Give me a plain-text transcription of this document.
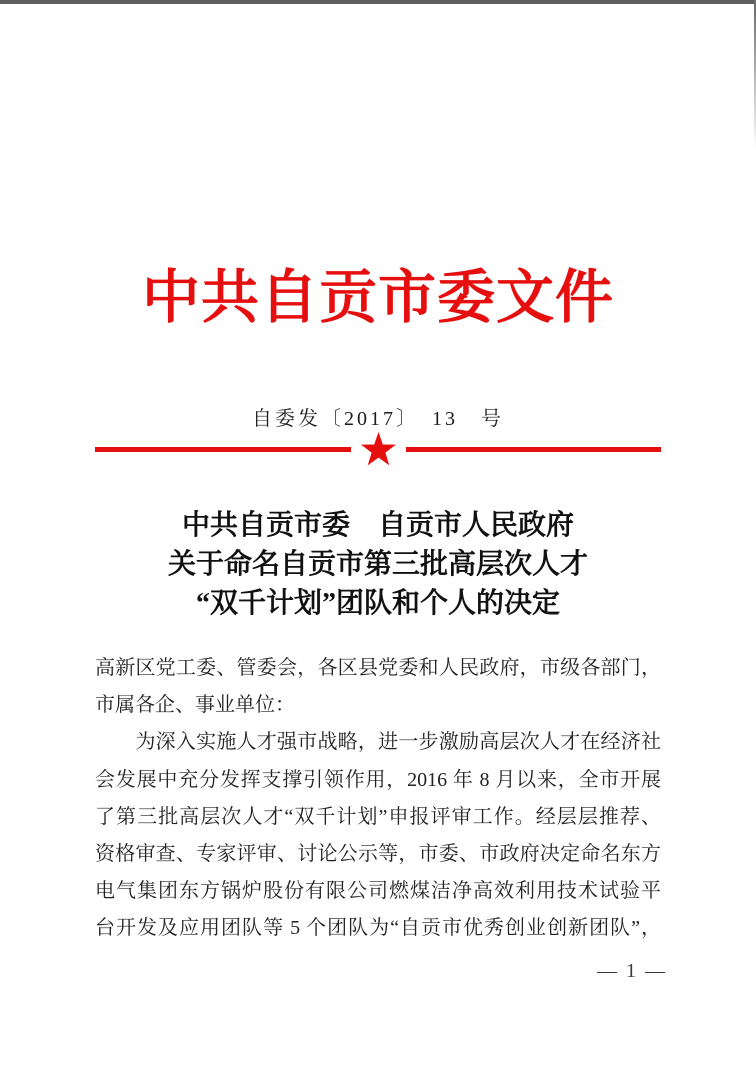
中共自贡市委文件
自委发〔2017〕　13　号
中共自贡市委　自贡市人民政府
关于命名自贡市第三批高层次人才
“双千计划”团队和个人的决定
高新区党工委、管委会，各区县党委和人民政府，市级各部门，
市属各企、事业单位：
　　为深入实施人才强市战略，进一步激励高层次人才在经济社
会发展中充分发挥支撑引领作用，2016 年 8 月以来，全市开展
了第三批高层次人才“双千计划”申报评审工作。经层层推荐、
资格审查、专家评审、讨论公示等，市委、市政府决定命名东方
电气集团东方锅炉股份有限公司燃煤洁净高效利用技术试验平
台开发及应用团队等 5 个团队为“自贡市优秀创业创新团队”，
— 1 —
